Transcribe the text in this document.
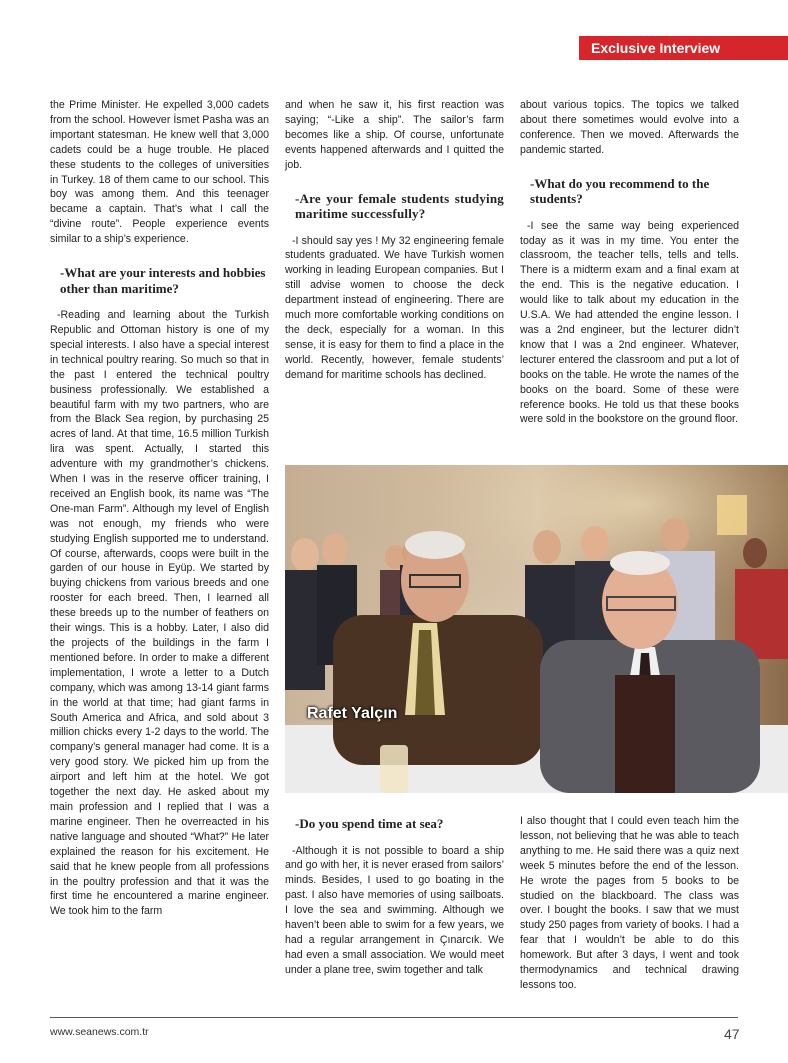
Exclusive Interview

the Prime Minister. He expelled 3,000 cadets from the school. However İsmet Pasha was an important statesman. He knew well that 3,000 cadets could be a huge trouble. He placed these students to the colleges of universities in Turkey. 18 of them came to our school. This boy was among them. And this teenager became a captain. That’s what I call the “divine route”. People experience events similar to a ship’s experience.

-What are your interests and hobbies other than maritime?

-Reading and learning about the Turkish Republic and Ottoman history is one of my special interests. I also have a special interest in technical poultry rearing. So much so that in the past I entered the technical poultry business professionally. We established a beautiful farm with my two partners, who are from the Black Sea region, by purchasing 25 acres of land. At that time, 16.5 million Turkish lira was spent. Actually, I started this adventure with my grandmother’s chickens. When I was in the reserve officer training, I received an English book, its name was “The One-man Farm”. Although my level of English was not enough, my friends who were studying English supported me to understand. Of course, afterwards, coops were built in the garden of our house in Eyüp. We started by buying chickens from various breeds and one rooster for each breed. Then, I learned all these breeds up to the number of feathers on their wings. This is a hobby. Later, I also did the projects of the buildings in the farm I mentioned before. In order to make a different implementation, I wrote a letter to a Dutch company, which was among 13-14 giant farms in the world at that time; had giant farms in South America and Africa, and sold about 3 million chicks every 1-2 days to the world. The company’s general manager had come. It is a very good story. We picked him up from the airport and left him at the hotel. We got together the next day. He asked about my main profession and I replied that I was a marine engineer. Then he overreacted in his native language and shouted “What?” He later explained the reason for his excitement. He said that he knew people from all professions in the poultry profession and that it was the first time he encountered a marine engineer. We took him to the farm

and when he saw it, his first reaction was saying; “-Like a ship”. The sailor’s farm becomes like a ship. Of course, unfortunate events happened afterwards and I quitted the job.

-Are your female students studying maritime successfully?

-I should say yes ! My 32 engineering female students graduated. We have Turkish women working in leading European companies. But I still advise women to choose the deck department instead of engineering. There are much more comfortable working conditions on the deck, especially for a woman. In this sense, it is easy for them to find a place in the world. Recently, however, female students’ demand for maritime schools has declined.

about various topics. The topics we talked about there sometimes would evolve into a conference. Then we moved. Afterwards the pandemic started.

-What do you recommend to the students?

-I see the same way being experienced today as it was in my time. You enter the classroom, the teacher tells, tells and tells. There is a midterm exam and a final exam at the end. This is the negative education. I would like to talk about my education in the U.S.A. We had attended the engine lesson. I was a 2nd engineer, but the lecturer didn’t know that I was a 2nd engineer. Whatever, lecturer entered the classroom and put a lot of books on the table. He wrote the names of the books on the board. Some of these were reference books. He told us that these books were sold in the bookstore on the ground floor.

Rafet Yalçın

-Do you spend time at sea?

-Although it is not possible to board a ship and go with her, it is never erased from sailors’ minds. Besides, I used to go boating in the past. I also have memories of using sailboats. I love the sea and swimming. Although we haven’t been able to swim for a few years, we had a regular arrangement in Çınarcık. We had even a small association. We would meet under a plane tree, swim together and talk

I also thought that I could even teach him the lesson, not believing that he was able to teach anything to me. He said there was a quiz next week 5 minutes before the end of the lesson. He wrote the pages from 5 books to be studied on the blackboard. The class was over. I bought the books. I saw that we must study 250 pages from variety of books. I had a fear that I wouldn’t be able to do this homework. But after 3 days, I went and took thermodynamics and technical drawing lessons too.

www.seanews.com.tr	47
